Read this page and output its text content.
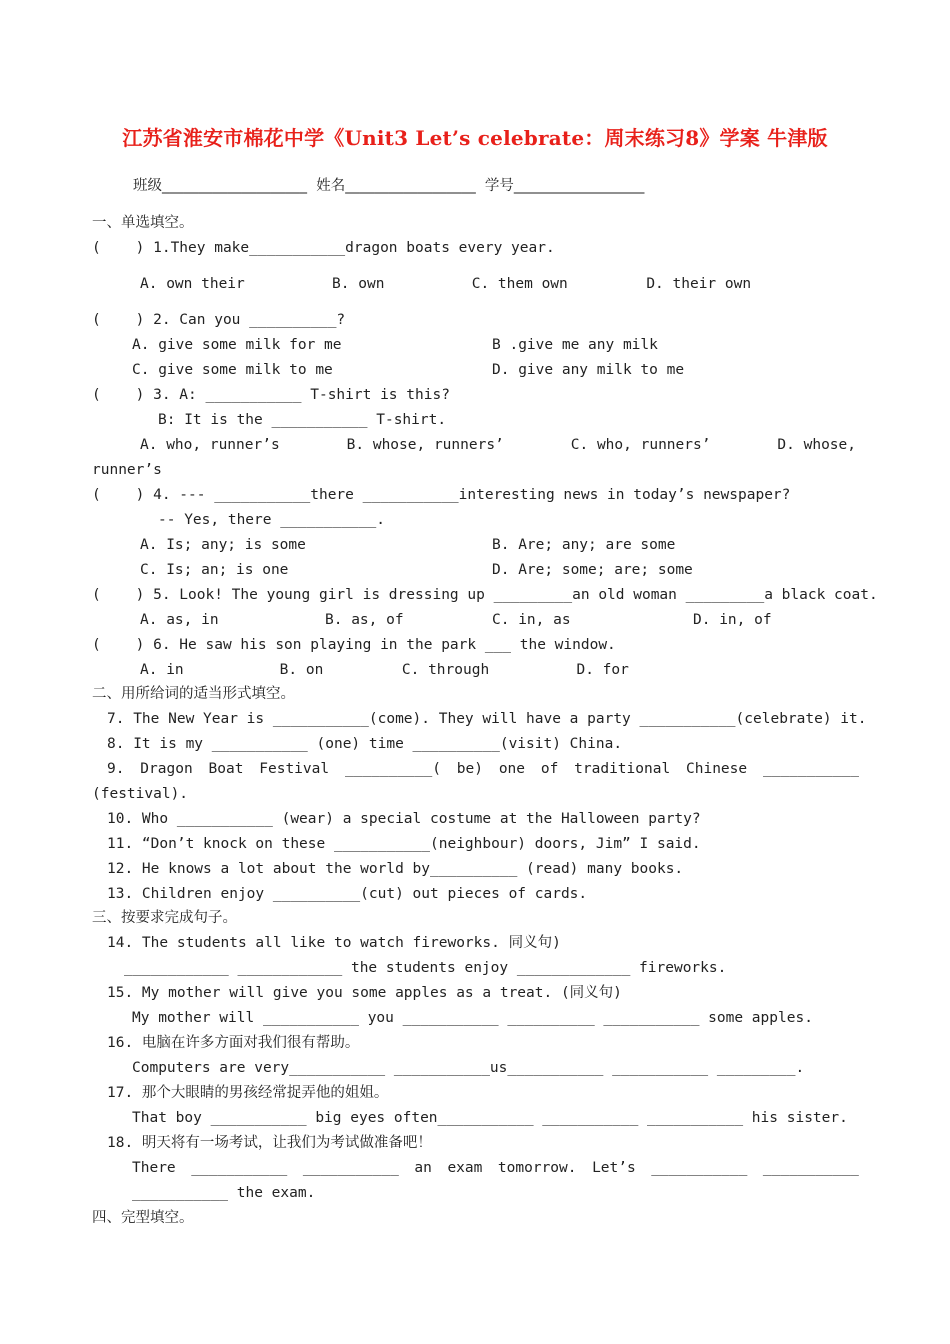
江苏省淮安市棉花中学《Unit3 Let’s celebrate：周末练习8》学案 牛津版
班级____________________  姓名__________________  学号__________________
一、单选填空。
(    ) 1.They make___________dragon boats every year.
A. own their          B. own          C. them own         D. their own
(    ) 2. Can you __________?
A. give some milk for me	B .give me any milk
C. give some milk to me	D. give any milk to me
(    ) 3. A: ___________ T-shirt is this?
B: It is the ___________ T-shirt.
A. who, runner’s	B. whose, runners’	C. who, runners’	D. whose,
runner’s
(    ) 4. --- ___________there ___________interesting news in today’s newspaper?
-- Yes, there ___________.
A. Is; any; is some	B. Are; any; are some
C. Is; an; is one	D. Are; some; are; some
(    ) 5. Look! The young girl is dressing up _________an old woman _________a black coat.
A. as, in	B. as, of	C. in, as	D. in, of
(    ) 6. He saw his son playing in the park ___ the window.
A. in           B. on         C. through          D. for
二、用所给词的适当形式填空。
7. The New Year is ___________(come). They will have a party ___________(celebrate) it.
8. It is my ___________ (one) time __________(visit) China.
9. Dragon Boat Festival __________( be) one of traditional Chinese ___________
(festival).
10. Who ___________ (wear) a special costume at the Halloween party?
11. “Don’t knock on these ___________(neighbour) doors, Jim” I said.
12. He knows a lot about the world by__________ (read) many books.
13. Children enjoy __________(cut) out pieces of cards.
三、按要求完成句子。
14. The students all like to watch fireworks. 同义句)
____________ ____________ the students enjoy _____________ fireworks.
15. My mother will give you some apples as a treat. (同义句)
My mother will ___________ you ___________ __________ ___________ some apples.
16. 电脑在许多方面对我们很有帮助。
Computers are very___________ ___________us___________ ___________ _________.
17. 那个大眼睛的男孩经常捉弄他的姐姐。
That boy ___________ big eyes often___________ ___________ ___________ his sister.
18. 明天将有一场考试，让我们为考试做准备吧！
There ___________ ___________ an exam tomorrow. Let’s ___________ ___________
___________ the exam.
四、完型填空。
